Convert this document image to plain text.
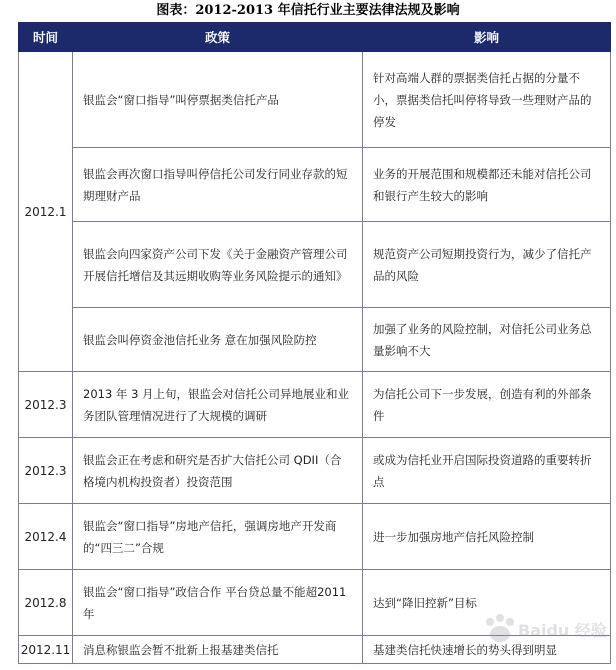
图表：2012-2013 年信托行业主要法律法规及影响
时间	政策	影响
2012.1	银监会“窗口指导”叫停票据类信托产品	针对高端人群的票据类信托占据的分量不小，票据类信托叫停将导致一些理财产品的停发
	银监会再次窗口指导叫停信托公司发行同业存款的短期理财产品	业务的开展范围和规模都还未能对信托公司和银行产生较大的影响
	银监会向四家资产公司下发《关于金融资产管理公司开展信托增信及其远期收购等业务风险提示的通知》	规范资产公司短期投资行为，减少了信托产品的风险
	银监会叫停资金池信托业务 意在加强风险防控	加强了业务的风险控制，对信托公司业务总量影响不大
2012.3	2013 年 3 月上旬，银监会对信托公司异地展业和业务团队管理情况进行了大规模的调研	为信托公司下一步发展，创造有利的外部条件
2012.3	银监会正在考虑和研究是否扩大信托公司 QDII（合格境内机构投资者）投资范围	或成为信托业开启国际投资道路的重要转折点
2012.4	银监会“窗口指导”房地产信托，强调房地产开发商的“四三二”合规	进一步加强房地产信托风险控制
2012.8	银监会“窗口指导”政信合作 平台贷总量不能超2011 年	达到“降旧控新”目标
2012.11	消息称银监会暂不批新上报基建类信托	基建类信托快速增长的势头得到明显
Baidu 经验
